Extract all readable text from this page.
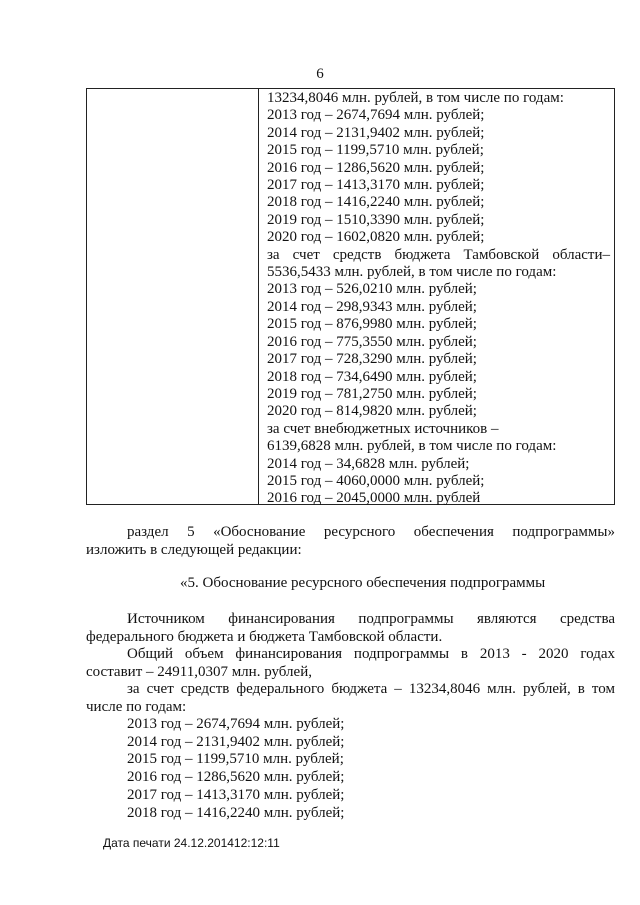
6
13234,8046 млн. рублей, в том числе по годам:
2013 год – 2674,7694 млн. рублей;
2014 год – 2131,9402 млн. рублей;
2015 год – 1199,5710 млн. рублей;
2016 год – 1286,5620 млн. рублей;
2017 год – 1413,3170 млн. рублей;
2018 год – 1416,2240 млн. рублей;
2019 год – 1510,3390 млн. рублей;
2020 год – 1602,0820 млн. рублей;
за счет средств бюджета Тамбовской области–
5536,5433 млн. рублей, в том числе по годам:
2013 год – 526,0210 млн. рублей;
2014 год – 298,9343 млн. рублей;
2015 год – 876,9980 млн. рублей;
2016 год – 775,3550 млн. рублей;
2017 год – 728,3290 млн. рублей;
2018 год – 734,6490 млн. рублей;
2019 год – 781,2750 млн. рублей;
2020 год – 814,9820 млн. рублей;
за счет внебюджетных источников –
6139,6828 млн. рублей, в том числе по годам:
2014 год – 34,6828 млн. рублей;
2015 год – 4060,0000 млн. рублей;
2016 год – 2045,0000 млн. рублей
раздел 5 «Обоснование ресурсного обеспечения подпрограммы»
изложить в следующей редакции:
«5. Обоснование ресурсного обеспечения подпрограммы
Источником финансирования подпрограммы являются средства
федерального бюджета и бюджета Тамбовской области.
Общий объем финансирования подпрограммы в 2013 - 2020 годах
составит – 24911,0307 млн. рублей,
за счет средств федерального бюджета – 13234,8046 млн. рублей, в том
числе по годам:
2013 год – 2674,7694 млн. рублей;
2014 год – 2131,9402 млн. рублей;
2015 год – 1199,5710 млн. рублей;
2016 год – 1286,5620 млн. рублей;
2017 год – 1413,3170 млн. рублей;
2018 год – 1416,2240 млн. рублей;
Дата печати 24.12.201412:12:11
